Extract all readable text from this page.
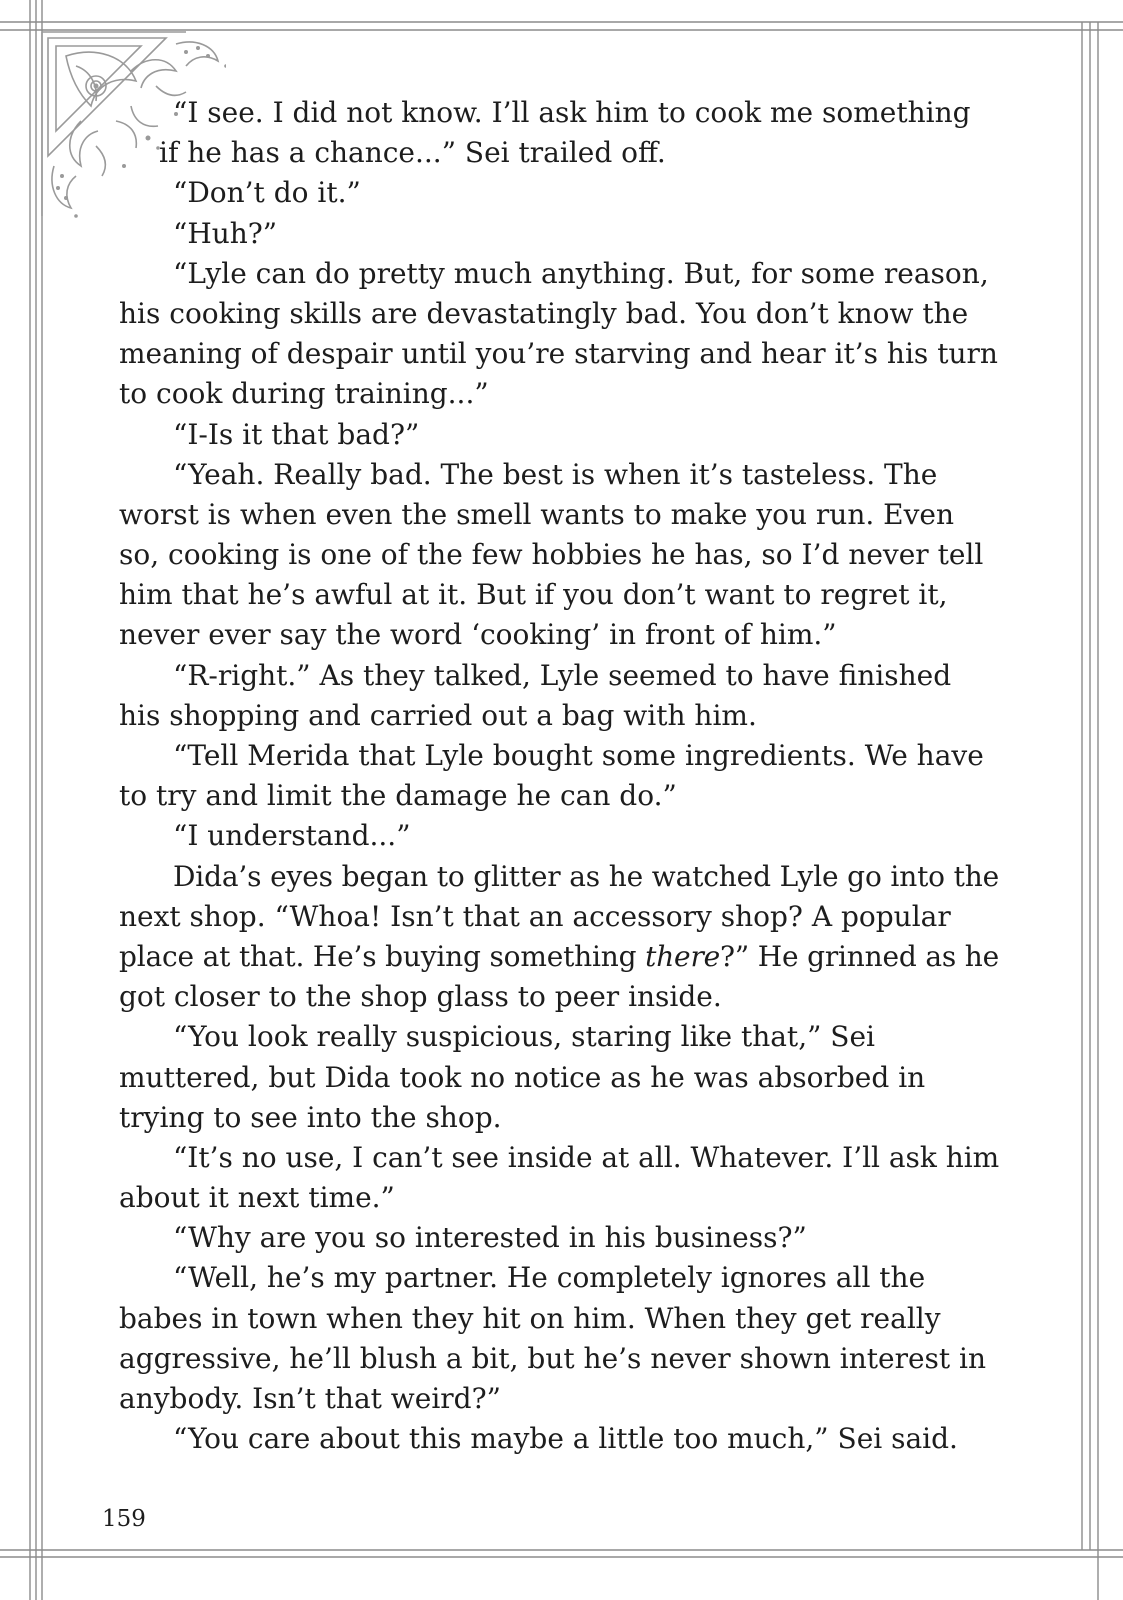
“I see. I did not know. I’ll ask him to cook me something
if he has a chance...” Sei trailed off.
“Don’t do it.”
“Huh?”
“Lyle can do pretty much anything. But, for some reason,
his cooking skills are devastatingly bad. You don’t know the
meaning of despair until you’re starving and hear it’s his turn
to cook during training...”
“I-Is it that bad?”
“Yeah. Really bad. The best is when it’s tasteless. The
worst is when even the smell wants to make you run. Even
so, cooking is one of the few hobbies he has, so I’d never tell
him that he’s awful at it. But if you don’t want to regret it,
never ever say the word ‘cooking’ in front of him.”
“R-right.” As they talked, Lyle seemed to have finished
his shopping and carried out a bag with him.
“Tell Merida that Lyle bought some ingredients. We have
to try and limit the damage he can do.”
“I understand...”
Dida’s eyes began to glitter as he watched Lyle go into the
next shop. “Whoa! Isn’t that an accessory shop? A popular
place at that. He’s buying something there?” He grinned as he
got closer to the shop glass to peer inside.
“You look really suspicious, staring like that,” Sei
muttered, but Dida took no notice as he was absorbed in
trying to see into the shop.
“It’s no use, I can’t see inside at all. Whatever. I’ll ask him
about it next time.”
“Why are you so interested in his business?”
“Well, he’s my partner. He completely ignores all the
babes in town when they hit on him. When they get really
aggressive, he’ll blush a bit, but he’s never shown interest in
anybody. Isn’t that weird?”
“You care about this maybe a little too much,” Sei said.
159
